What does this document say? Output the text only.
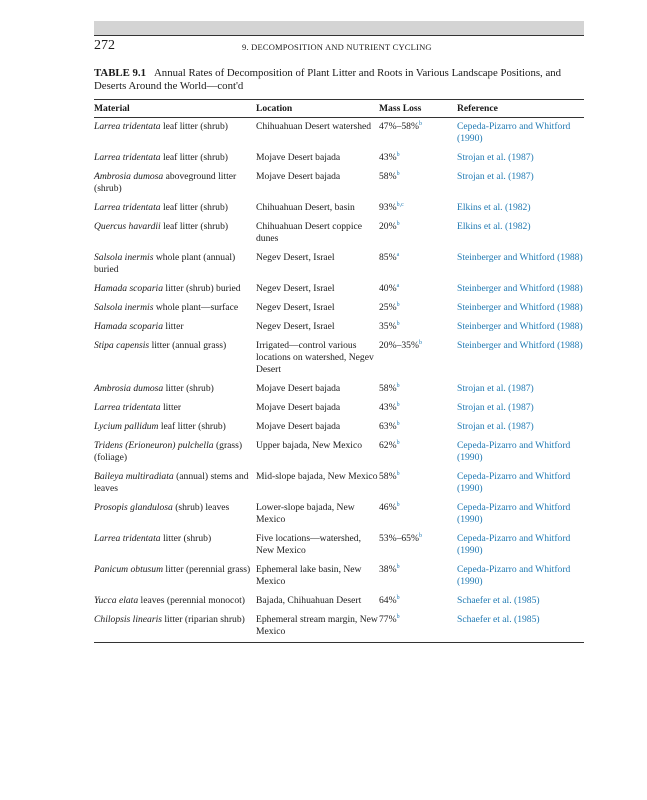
272	9. DECOMPOSITION AND NUTRIENT CYCLING
TABLE 9.1 Annual Rates of Decomposition of Plant Litter and Roots in Various Landscape Positions, and Deserts Around the World—cont'd
Material	Location	Mass Loss	Reference
Larrea tridentata leaf litter (shrub)	Chihuahuan Desert watershed	47%–58%$^b$	Cepeda-Pizarro and Whitford (1990)
Larrea tridentata leaf litter (shrub)	Mojave Desert bajada	43%$^b$	Strojan et al. (1987)
Ambrosia dumosa aboveground litter (shrub)	Mojave Desert bajada	58%$^b$	Strojan et al. (1987)
Larrea tridentata leaf litter (shrub)	Chihuahuan Desert, basin	93%$^{b,c}$	Elkins et al. (1982)
Quercus havardii leaf litter (shrub)	Chihuahuan Desert coppice dunes	20%$^b$	Elkins et al. (1982)
Salsola inermis whole plant (annual) buried	Negev Desert, Israel	85%$^a$	Steinberger and Whitford (1988)
Hamada scoparia litter (shrub) buried	Negev Desert, Israel	40%$^a$	Steinberger and Whitford (1988)
Salsola inermis whole plant—surface	Negev Desert, Israel	25%$^b$	Steinberger and Whitford (1988)
Hamada scoparia litter	Negev Desert, Israel	35%$^b$	Steinberger and Whitford (1988)
Stipa capensis litter (annual grass)	Irrigated—control various locations on watershed, Negev Desert	20%–35%$^b$	Steinberger and Whitford (1988)
Ambrosia dumosa litter (shrub)	Mojave Desert bajada	58%$^b$	Strojan et al. (1987)
Larrea tridentata litter	Mojave Desert bajada	43%$^b$	Strojan et al. (1987)
Lycium pallidum leaf litter (shrub)	Mojave Desert bajada	63%$^b$	Strojan et al. (1987)
Tridens (Erioneuron) pulchella (grass) (foliage)	Upper bajada, New Mexico	62%$^b$	Cepeda-Pizarro and Whitford (1990)
Baileya multiradiata (annual) stems and leaves	Mid-slope bajada, New Mexico	58%$^b$	Cepeda-Pizarro and Whitford (1990)
Prosopis glandulosa (shrub) leaves	Lower-slope bajada, New Mexico	46%$^b$	Cepeda-Pizarro and Whitford (1990)
Larrea tridentata litter (shrub)	Five locations—watershed, New Mexico	53%–65%$^b$	Cepeda-Pizarro and Whitford (1990)
Panicum obtusum litter (perennial grass)	Ephemeral lake basin, New Mexico	38%$^b$	Cepeda-Pizarro and Whitford (1990)
Yucca elata leaves (perennial monocot)	Bajada, Chihuahuan Desert	64%$^b$	Schaefer et al. (1985)
Chilopsis linearis litter (riparian shrub)	Ephemeral stream margin, New Mexico	77%$^b$	Schaefer et al. (1985)
